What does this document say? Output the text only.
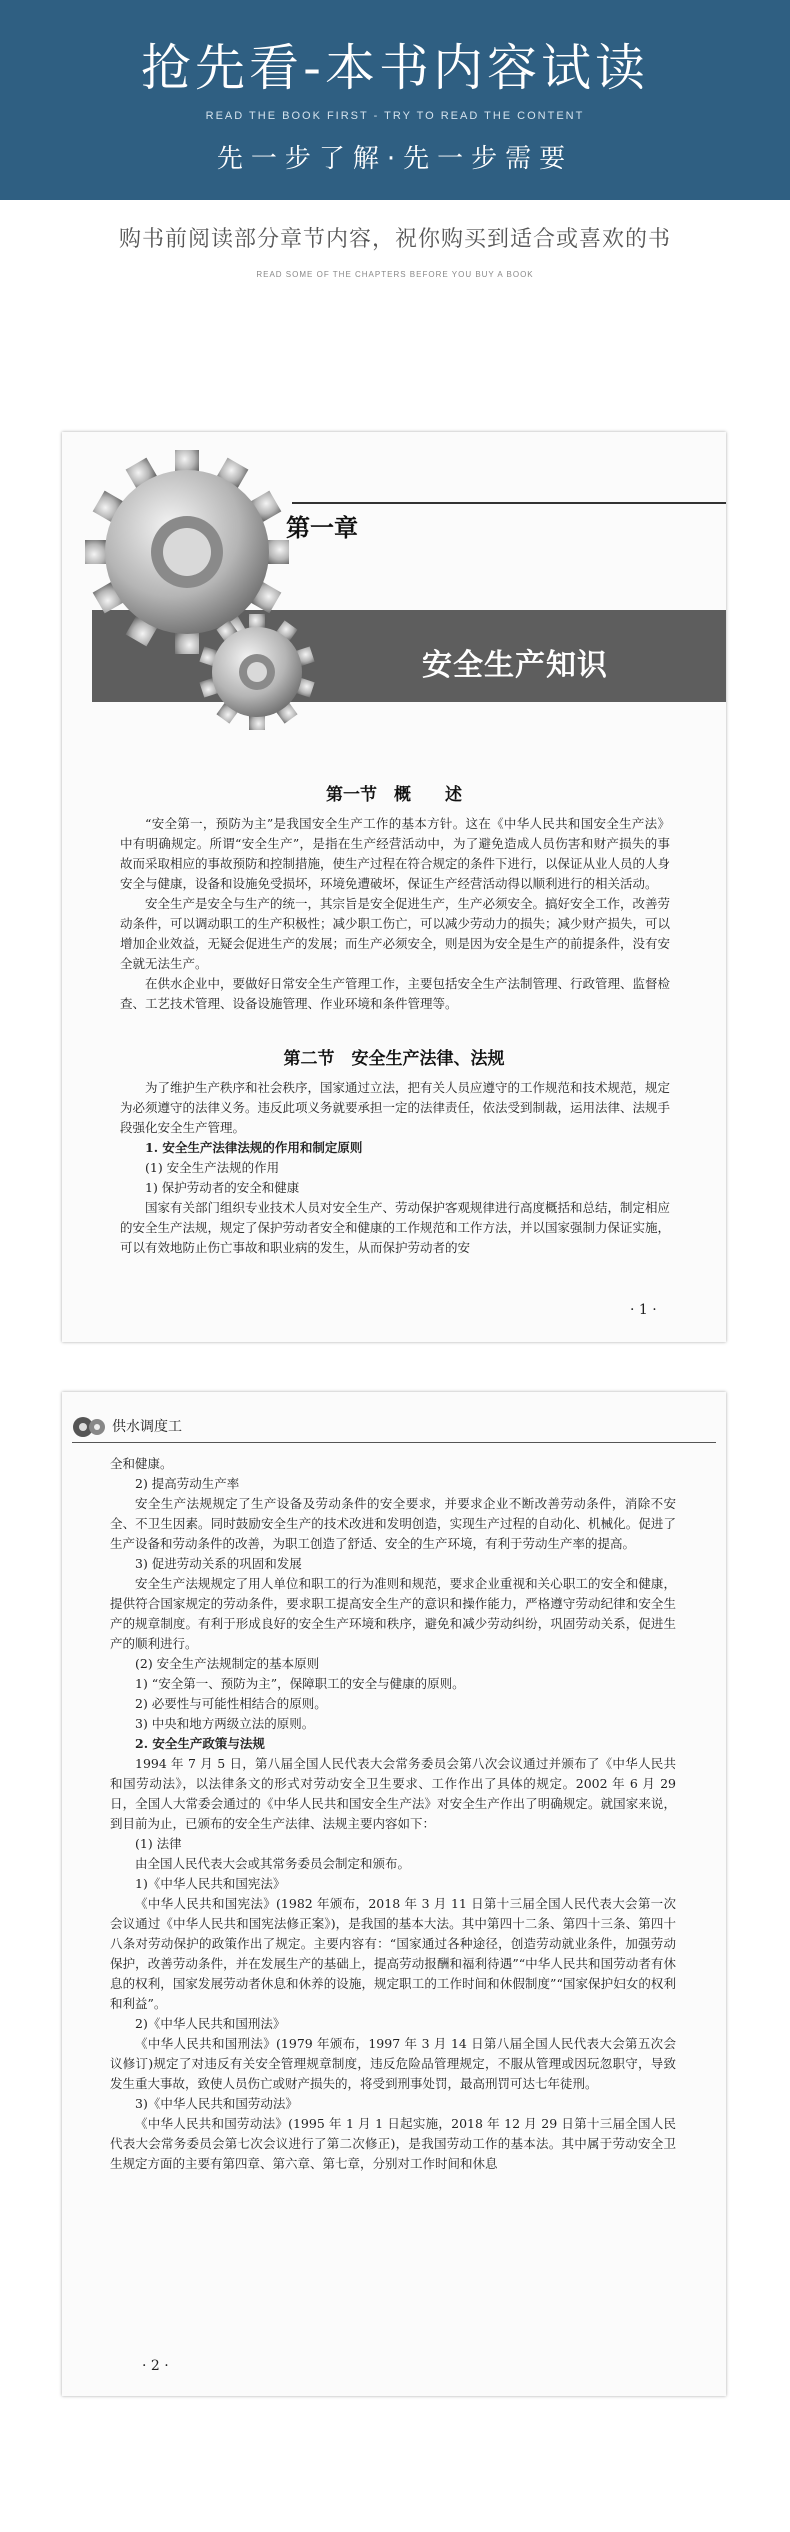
抢先看-本书内容试读
READ THE BOOK FIRST - TRY TO READ THE CONTENT
先一步了解·先一步需要
购书前阅读部分章节内容，祝你购买到适合或喜欢的书
READ SOME OF THE CHAPTERS BEFORE YOU BUY A BOOK
第一章
安全生产知识
第一节　概　　述

“安全第一，预防为主”是我国安全生产工作的基本方针。这在《中华人民共和国安全生产法》中有明确规定。所谓“安全生产”，是指在生产经营活动中，为了避免造成人员伤害和财产损失的事故而采取相应的事故预防和控制措施，使生产过程在符合规定的条件下进行，以保证从业人员的人身安全与健康，设备和设施免受损坏，环境免遭破坏，保证生产经营活动得以顺利进行的相关活动。

安全生产是安全与生产的统一，其宗旨是安全促进生产，生产必须安全。搞好安全工作，改善劳动条件，可以调动职工的生产积极性；减少职工伤亡，可以减少劳动力的损失；减少财产损失，可以增加企业效益，无疑会促进生产的发展；而生产必须安全，则是因为安全是生产的前提条件，没有安全就无法生产。

在供水企业中，要做好日常安全生产管理工作，主要包括安全生产法制管理、行政管理、监督检查、工艺技术管理、设备设施管理、作业环境和条件管理等。

第二节　安全生产法律、法规

为了维护生产秩序和社会秩序，国家通过立法，把有关人员应遵守的工作规范和技术规范，规定为必须遵守的法律义务。违反此项义务就要承担一定的法律责任，依法受到制裁，运用法律、法规手段强化安全生产管理。

1. 安全生产法律法规的作用和制定原则

(1) 安全生产法规的作用

1) 保护劳动者的安全和健康

国家有关部门组织专业技术人员对安全生产、劳动保护客观规律进行高度概括和总结，制定相应的安全生产法规，规定了保护劳动者安全和健康的工作规范和工作方法，并以国家强制力保证实施，可以有效地防止伤亡事故和职业病的发生，从而保护劳动者的安

· 1 ·
供水调度工

全和健康。

2) 提高劳动生产率

安全生产法规规定了生产设备及劳动条件的安全要求，并要求企业不断改善劳动条件，消除不安全、不卫生因素。同时鼓励安全生产的技术改进和发明创造，实现生产过程的自动化、机械化。促进了生产设备和劳动条件的改善，为职工创造了舒适、安全的生产环境，有利于劳动生产率的提高。

3) 促进劳动关系的巩固和发展

安全生产法规规定了用人单位和职工的行为准则和规范，要求企业重视和关心职工的安全和健康，提供符合国家规定的劳动条件，要求职工提高安全生产的意识和操作能力，严格遵守劳动纪律和安全生产的规章制度。有利于形成良好的安全生产环境和秩序，避免和减少劳动纠纷，巩固劳动关系，促进生产的顺利进行。

(2) 安全生产法规制定的基本原则

1) “安全第一、预防为主”，保障职工的安全与健康的原则。

2) 必要性与可能性相结合的原则。

3) 中央和地方两级立法的原则。

2. 安全生产政策与法规

1994 年 7 月 5 日，第八届全国人民代表大会常务委员会第八次会议通过并颁布了《中华人民共和国劳动法》，以法律条文的形式对劳动安全卫生要求、工作作出了具体的规定。2002 年 6 月 29 日，全国人大常委会通过的《中华人民共和国安全生产法》对安全生产作出了明确规定。就国家来说，到目前为止，已颁布的安全生产法律、法规主要内容如下：

(1) 法律

由全国人民代表大会或其常务委员会制定和颁布。

1)《中华人民共和国宪法》

《中华人民共和国宪法》(1982 年颁布，2018 年 3 月 11 日第十三届全国人民代表大会第一次会议通过《中华人民共和国宪法修正案》)，是我国的基本大法。其中第四十二条、第四十三条、第四十八条对劳动保护的政策作出了规定。主要内容有：“国家通过各种途径，创造劳动就业条件，加强劳动保护，改善劳动条件，并在发展生产的基础上，提高劳动报酬和福利待遇”“中华人民共和国劳动者有休息的权利，国家发展劳动者休息和休养的设施，规定职工的工作时间和休假制度”“国家保护妇女的权利和利益”。

2)《中华人民共和国刑法》

《中华人民共和国刑法》(1979 年颁布，1997 年 3 月 14 日第八届全国人民代表大会第五次会议修订)规定了对违反有关安全管理规章制度，违反危险品管理规定，不服从管理或因玩忽职守，导致发生重大事故，致使人员伤亡或财产损失的，将受到刑事处罚，最高刑罚可达七年徒刑。

3)《中华人民共和国劳动法》

《中华人民共和国劳动法》(1995 年 1 月 1 日起实施，2018 年 12 月 29 日第十三届全国人民代表大会常务委员会第七次会议进行了第二次修正)，是我国劳动工作的基本法。其中属于劳动安全卫生规定方面的主要有第四章、第六章、第七章，分别对工作时间和休息

· 2 ·
